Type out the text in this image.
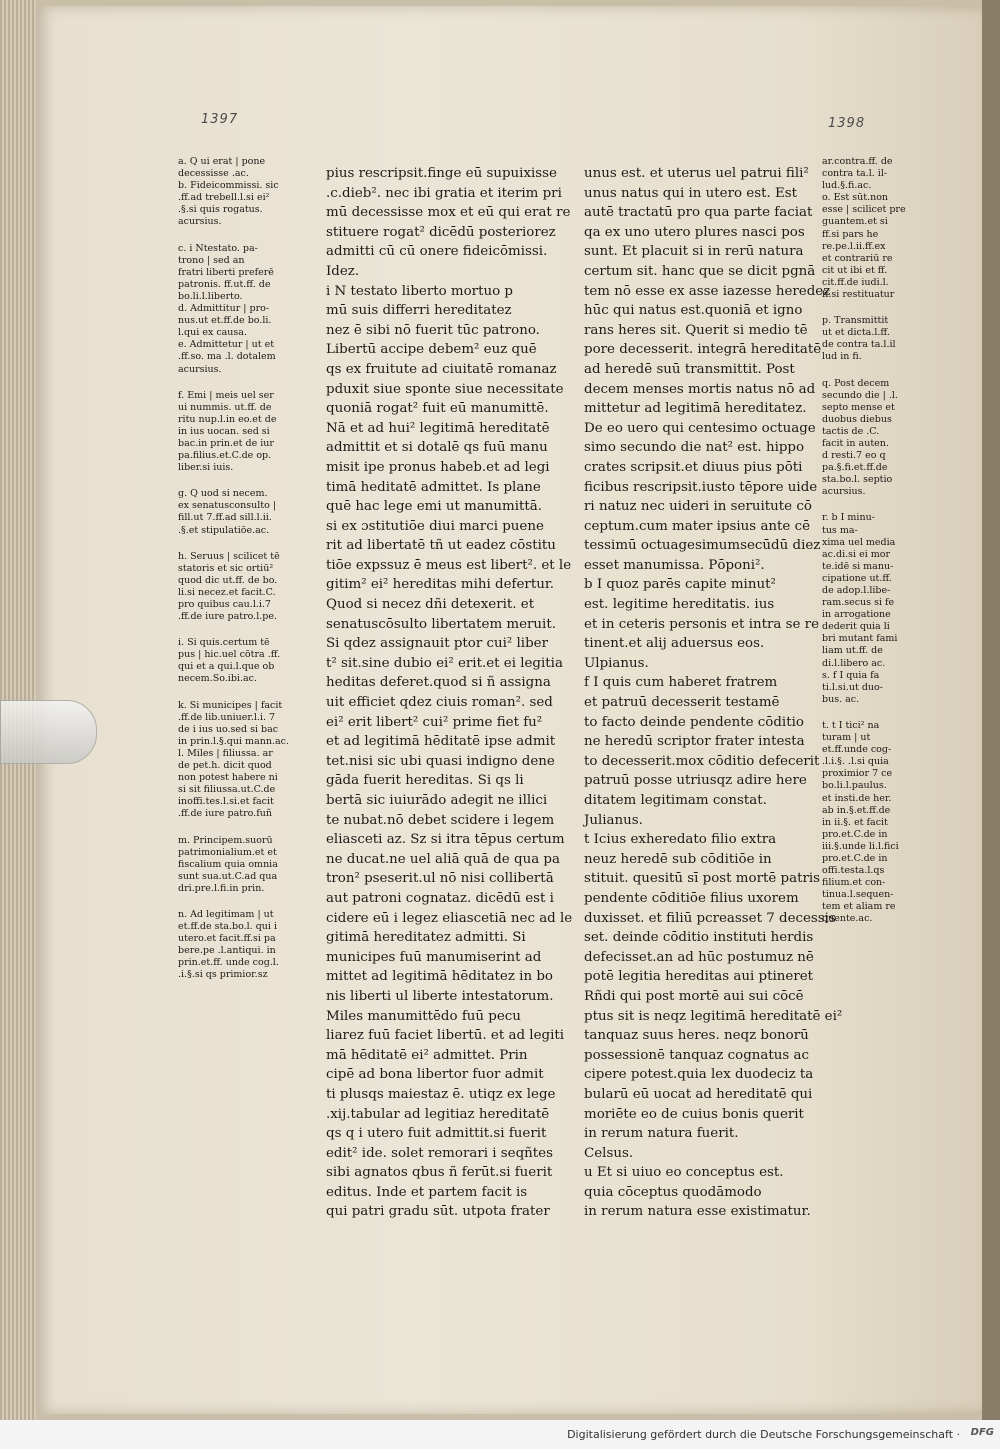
1397	1398

a. Q ui erat | pone

decessisse .ac.

b. Fideicommissi. sic

.ff.ad trebell.l.si ei²

.§.si quis rogatus.

acursius.

c. i Ntestato. pa-

trono | sed an

fratri liberti preferē

patronis. ff.ut.ff. de

bo.li.l.liberto.

d. Admittitur | pro-

nus.ut et.ff.de bo.li.

l.qui ex causa.

e. Admittetur | ut et

.ff.so. ma .l. dotalem

acursius.

f. Emi | meis uel ser

ui nummis. ut.ff. de

ritu nup.l.in eo.et de

in ius uocan. sed si

bac.in prin.et de iur

pa.filius.et.C.de op.

liber.si iuis.

g. Q uod si necem.

ex senatusconsulto |

fill.ut 7.ff.ad sill.l.ii.

.§.et stipulatiōe.ac.

h. Seruus | scilicet tē

statoris et sic ortiū²

quod dic ut.ff. de bo.

li.si necez.et facit.C.

pro quibus cau.l.i.7

.ff.de iure patro.l.pe.

i. Si quis.certum tē

pus | hic.uel cōtra .ff.

qui et a qui.l.que ob

necem.So.ibi.ac.

k. Si municipes | facit

.ff.de lib.uniuer.l.i. 7

de i ius uo.sed si bac

in prin.l.§.qui mann.ac.

l. Miles | filiussa. ar

de pet.h. dicit quod

non potest habere ni

si sit filiussa.ut.C.de

inoffi.tes.l.si.et facit

.ff.de iure patro.fuñ

m. Principem.suorū

patrimonialium.et et

fiscalium quia omnia

sunt sua.ut.C.ad qua

dri.pre.l.fi.in prin.

n. Ad legitimam | ut

et.ff.de sta.bo.l. qui i

utero.et facit.ff.si pa

bere.pe .l.antiqui. in

prin.et.ff. unde cog.l.

.i.§.si qs primior.sz

pius rescripsit.finge eū supuixisse

.c.dieb². nec ibi gratia et iterim pri

mū decessisse mox et eū qui erat re

stituere rogat² dicēdū posteriorez

admitti cū cū onere fideicōmissi.

Idez.

i N testato liberto mortuo p

mū suis differri hereditatez

nez ē sibi nō fuerit tūc patrono.

Libertū accipe debem² euz quē

qs ex fruitute ad ciuitatē romanaz

pduxit siue sponte siue necessitate

quoniā rogat² fuit eū manumittē.

Nā et ad hui² legitimā hereditatē

admittit et si dotalē qs fuū manu

misit ipe pronus habeb.et ad legi

timā heditatē admittet. Is plane

quē hac lege emi ut manumittā.

si ex ɔstitutiōe diui marci puene

rit ad libertatē tñ ut eadez cōstitu

tiōe expssuz ē meus est libert². et le

gitim² ei² hereditas mihi defertur.

Quod si necez dñi detexerit. et

senatuscōsulto libertatem meruit.

Si qdez assignauit ptor cui² liber

t² sit.sine dubio ei² erit.et ei legitia

heditas deferet.quod si ñ assigna

uit efficiet qdez ciuis roman². sed

ei² erit libert² cui² prime fiet fu²

et ad legitimā hēditatē ipse admit

tet.nisi sic ubi quasi indigno dene

gāda fuerit hereditas. Si qs li

bertā sic iuiurādo adegit ne illici

te nubat.nō debet scidere i legem

eliasceti az. Sz si itra tēpus certum

ne ducat.ne uel aliā quā de qua pa

tron² pseserit.ul nō nisi collibertā

aut patroni cognataz. dicēdū est i

cidere eū i legez eliascetiā nec ad le

gitimā hereditatez admitti. Si

municipes fuū manumiserint ad

mittet ad legitimā hēditatez in bo

nis liberti ul liberte intestatorum.

Miles manumittēdo fuū pecu

liarez fuū faciet libertū. et ad legiti

mā hēditatē ei² admittet. Prin

cipē ad bona libertor fuor admit

ti plusqs maiestaz ē. utiqz ex lege

.xij.tabular ad legitiaz hereditatē

qs q i utero fuit admittit.si fuerit

edit² ide. solet remorari i seqñtes

sibi agnatos qbus ñ ferūt.si fuerit

editus. Inde et partem facit is

qui patri gradu sūt. utpota frater

unus est. et uterus uel patrui fili²

unus natus qui in utero est. Est

autē tractatū pro qua parte faciat

qa ex uno utero plures nasci pos

sunt. Et placuit si in rerū natura

certum sit. hanc que se dicit pgnā

tem nō esse ex asse iazesse heredez

hūc qui natus est.quoniā et igno

rans heres sit. Querit si medio tē

pore decesserit. integrā hereditatē

ad heredē suū transmittit. Post

decem menses mortis natus nō ad

mittetur ad legitimā hereditatez.

De eo uero qui centesimo octuage

simo secundo die nat² est. hippo

crates scripsit.et diuus pius pōti

ficibus rescripsit.iusto tēpore uide

ri natuz nec uideri in seruitute cō

ceptum.cum mater ipsius ante cē

tessimū octuagesimumsecūdū diez

esset manumissa. Pōponi².

b I quoz parēs capite minut²

est. legitime hereditatis. ius

et in ceteris personis et intra se re

tinent.et alij aduersus eos.

Ulpianus.

f I quis cum haberet fratrem

et patruū decesserit testamē

to facto deinde pendente cōditio

ne heredū scriptor frater intesta

to decesserit.mox cōditio defecerit

patruū posse utriusqz adire here

ditatem legitimam constat.

Julianus.

t Icius exheredato filio extra

neuz heredē sub cōditiōe in

stituit. quesitū sī post mortē patris

pendente cōditiōe filius uxorem

duxisset. et filiū pcreasset 7 decessis

set. deinde cōditio instituti herdis

defecisset.an ad hūc postumuz nē

potē legitia hereditas aui ptineret

Rñdi qui post mortē aui sui cōcē

ptus sit is neqz legitimā hereditatē ei²

tanquaz suus heres. neqz bonorū

possessionē tanquaz cognatus ac

cipere potest.quia lex duodeciz ta

bularū eū uocat ad hereditatē qui

moriēte eo de cuius bonis querit

in rerum natura fuerit.

Celsus.

u Et si uiuo eo conceptus est.

quia cōceptus quodāmodo

in rerum natura esse existimatur.

ar.contra.ff. de

contra ta.l. il-

lud.§.fi.ac.

o. Est sūt.non

esse | scilicet pre

guantem.et si

ff.si pars he

re.pe.l.ii.ff.ex

et contrariū re

cit ut ibi et ff.

cit.ff.de iudi.l.

ff.si restituatur

p. Transmittit

ut et dicta.l.ff.

de contra ta.l.il

lud in fi.

q. Post decem

secundo die | .l.

septo mense et

duobus diebus

tactis de .C.

facit in auten.

d resti.7 eo q

pa.§.fi.et.ff.de

sta.bo.l. septio

acursius.

r. b I minu-

tus ma-

xima uel media

ac.di.si ei mor

te.idē si manu-

cipatione ut.ff.

de adop.l.libe-

ram.secus si fe

in arrogatione

dederit quia li

bri mutant fami

liam ut.ff. de

di.l.libero ac.

s. f I quia fa

ti.l.si.ut duo-

bus. ac.

t. t I tici² na

turam | ut

et.ff.unde cog-

.l.i.§. .l.si quia

proximior 7 ce

bo.li.l.paulus.

et insti.de her.

ab in.§.et.ff.de

in ii.§. et facit

pro.et.C.de in

iii.§.unde li.l.fici

pro.et.C.de in

offi.testa.l.qs

filium.et con-

tinua.l.sequen-

tem et aliam re

quente.ac.

Digitalisierung gefördert durch die Deutsche Forschungsgemeinschaft · DFG
